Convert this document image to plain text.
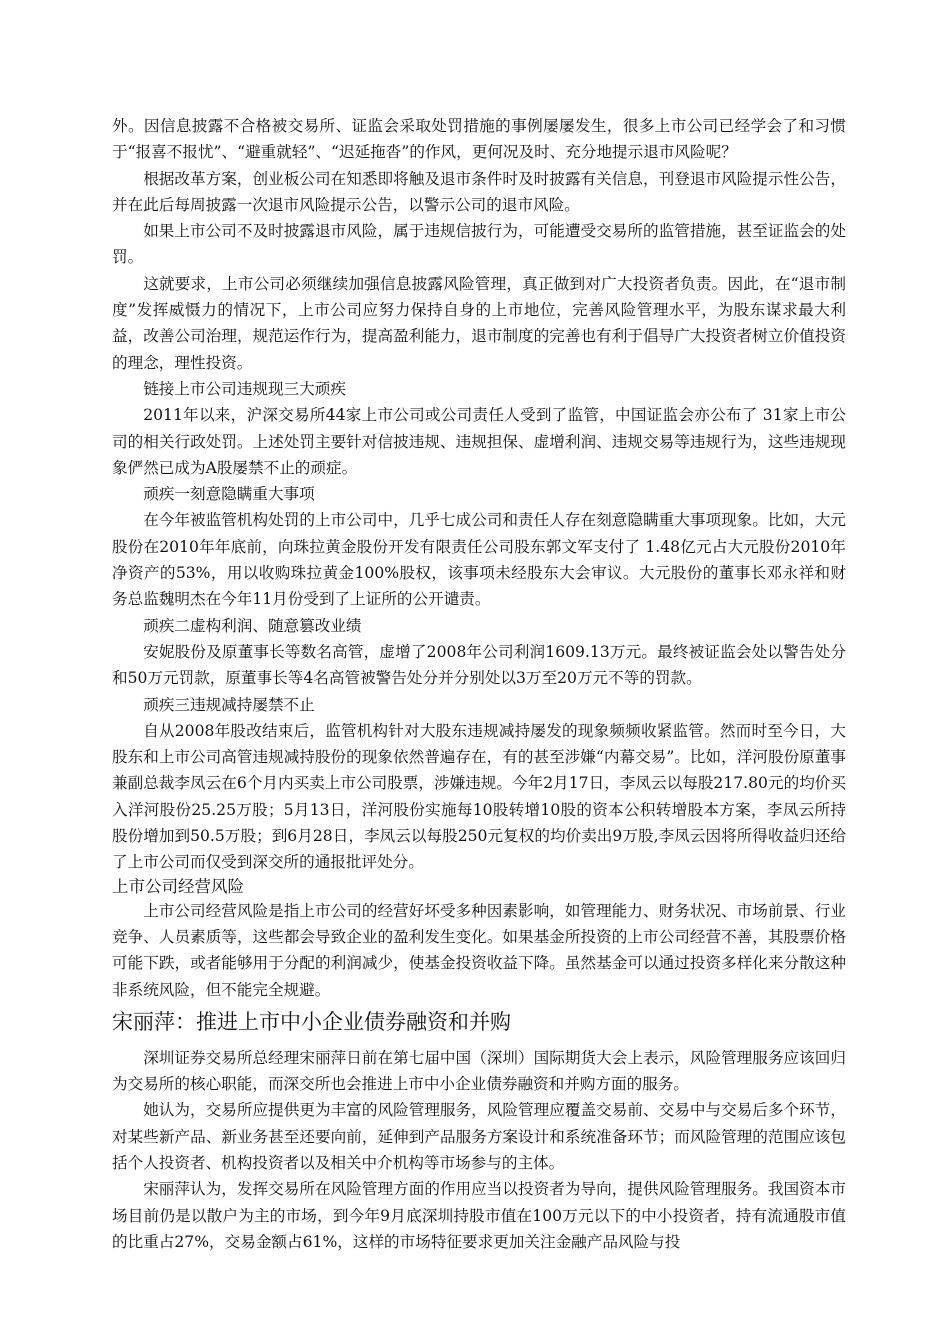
外。因信息披露不合格被交易所、证监会采取处罚措施的事例屡屡发生，很多上市公司已经学会了和习惯于“报喜不报忧”、“避重就轻”、“迟延拖沓”的作风，更何况及时、充分地提示退市风险呢？

根据改革方案，创业板公司在知悉即将触及退市条件时及时披露有关信息，刊登退市风险提示性公告，并在此后每周披露一次退市风险提示公告，以警示公司的退市风险。

如果上市公司不及时披露退市风险，属于违规信披行为，可能遭受交易所的监管措施，甚至证监会的处罚。

这就要求，上市公司必须继续加强信息披露风险管理，真正做到对广大投资者负责。因此，在“退市制度”发挥威慑力的情况下，上市公司应努力保持自身的上市地位，完善风险管理水平，为股东谋求最大利益，改善公司治理，规范运作行为，提高盈利能力，退市制度的完善也有利于倡导广大投资者树立价值投资的理念，理性投资。

链接上市公司违规现三大顽疾

2011年以来，沪深交易所44家上市公司或公司责任人受到了监管，中国证监会亦公布了 31家上市公司的相关行政处罚。上述处罚主要针对信披违规、违规担保、虚增利润、违规交易等违规行为，这些违规现象俨然已成为A股屡禁不止的顽症。

顽疾一刻意隐瞒重大事项

在今年被监管机构处罚的上市公司中，几乎七成公司和责任人存在刻意隐瞒重大事项现象。比如，大元股份在2010年年底前，向珠拉黄金股份开发有限责任公司股东郭文军支付了 1.48亿元占大元股份2010年净资产的53%，用以收购珠拉黄金100%股权，该事项未经股东大会审议。大元股份的董事长邓永祥和财务总监魏明杰在今年11月份受到了上证所的公开谴责。

顽疾二虚构利润、随意篡改业绩

安妮股份及原董事长等数名高管，虚增了2008年公司利润1609.13万元。最终被证监会处以警告处分和50万元罚款，原董事长等4名高管被警告处分并分别处以3万至20万元不等的罚款。

顽疾三违规减持屡禁不止

自从2008年股改结束后，监管机构针对大股东违规减持屡发的现象频频收紧监管。然而时至今日，大股东和上市公司高管违规减持股份的现象依然普遍存在，有的甚至涉嫌“内幕交易”。比如，洋河股份原董事兼副总裁李凤云在6个月内买卖上市公司股票，涉嫌违规。今年2月17日，李凤云以每股217.80元的均价买入洋河股份25.25万股；5月13日，洋河股份实施每10股转增10股的资本公积转增股本方案，李凤云所持股份增加到50.5万股；到6月28日，李凤云以每股250元复权的均价卖出9万股,李凤云因将所得收益归还给了上市公司而仅受到深交所的通报批评处分。

上市公司经营风险

上市公司经营风险是指上市公司的经营好坏受多种因素影响，如管理能力、财务状况、市场前景、行业竞争、人员素质等，这些都会导致企业的盈利发生变化。如果基金所投资的上市公司经营不善，其股票价格可能下跌，或者能够用于分配的利润减少，使基金投资收益下降。虽然基金可以通过投资多样化来分散这种非系统风险，但不能完全规避。

宋丽萍：推进上市中小企业债券融资和并购

深圳证券交易所总经理宋丽萍日前在第七届中国（深圳）国际期货大会上表示，风险管理服务应该回归为交易所的核心职能，而深交所也会推进上市中小企业债券融资和并购方面的服务。

她认为，交易所应提供更为丰富的风险管理服务，风险管理应覆盖交易前、交易中与交易后多个环节，对某些新产品、新业务甚至还要向前，延伸到产品服务方案设计和系统准备环节；而风险管理的范围应该包括个人投资者、机构投资者以及相关中介机构等市场参与的主体。

宋丽萍认为，发挥交易所在风险管理方面的作用应当以投资者为导向，提供风险管理服务。我国资本市场目前仍是以散户为主的市场，到今年9月底深圳持股市值在100万元以下的中小投资者，持有流通股市值的比重占27%，交易金额占61%，这样的市场特征要求更加关注金融产品风险与投
